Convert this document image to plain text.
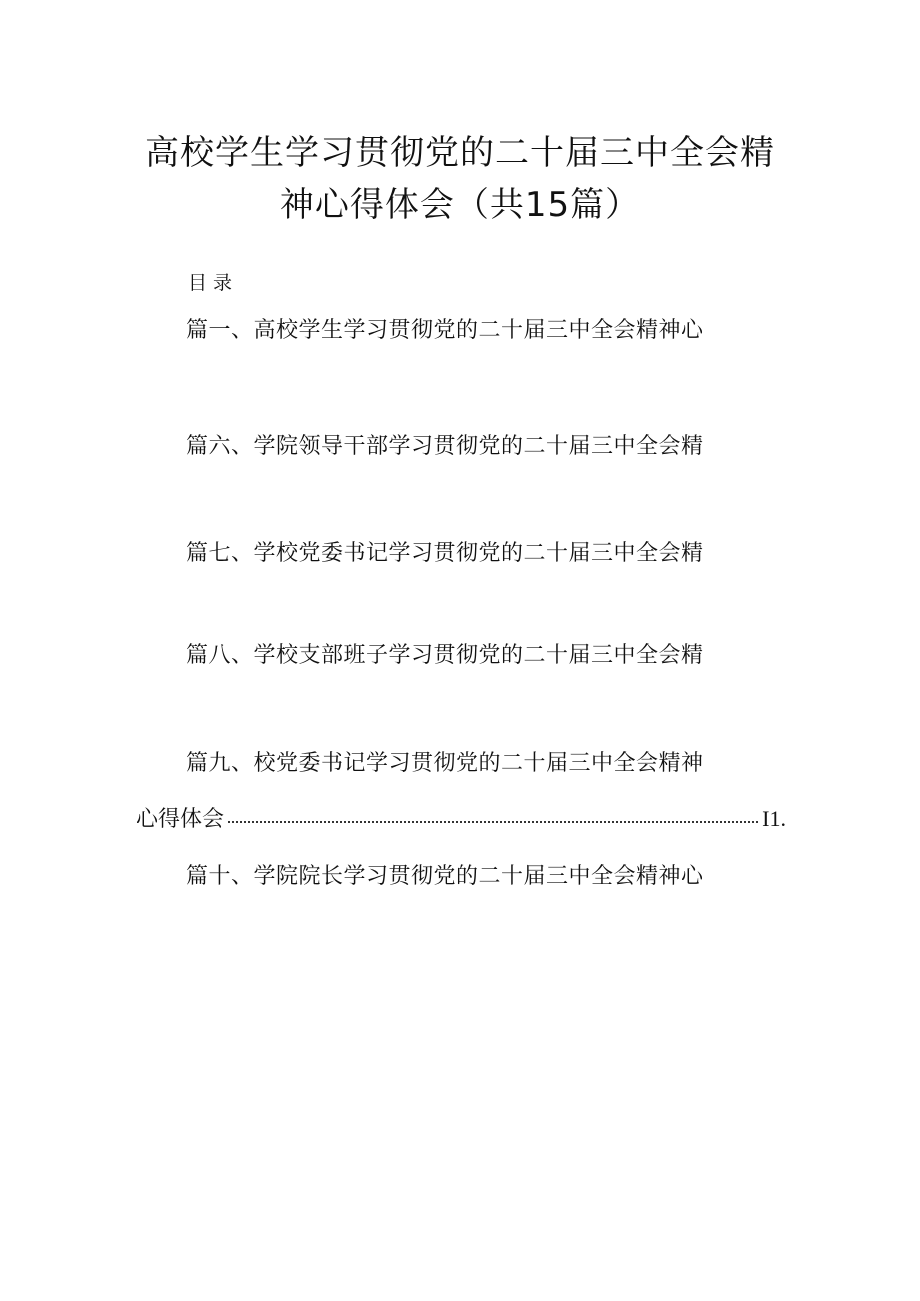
高校学生学习贯彻党的二十届三中全会精
神心得体会（共15篇）
目录
篇一、高校学生学习贯彻党的二十届三中全会精神心
篇六、学院领导干部学习贯彻党的二十届三中全会精
篇七、学校党委书记学习贯彻党的二十届三中全会精
篇八、学校支部班子学习贯彻党的二十届三中全会精
篇九、校党委书记学习贯彻党的二十届三中全会精神
心得体会	I1.
篇十、学院院长学习贯彻党的二十届三中全会精神心
